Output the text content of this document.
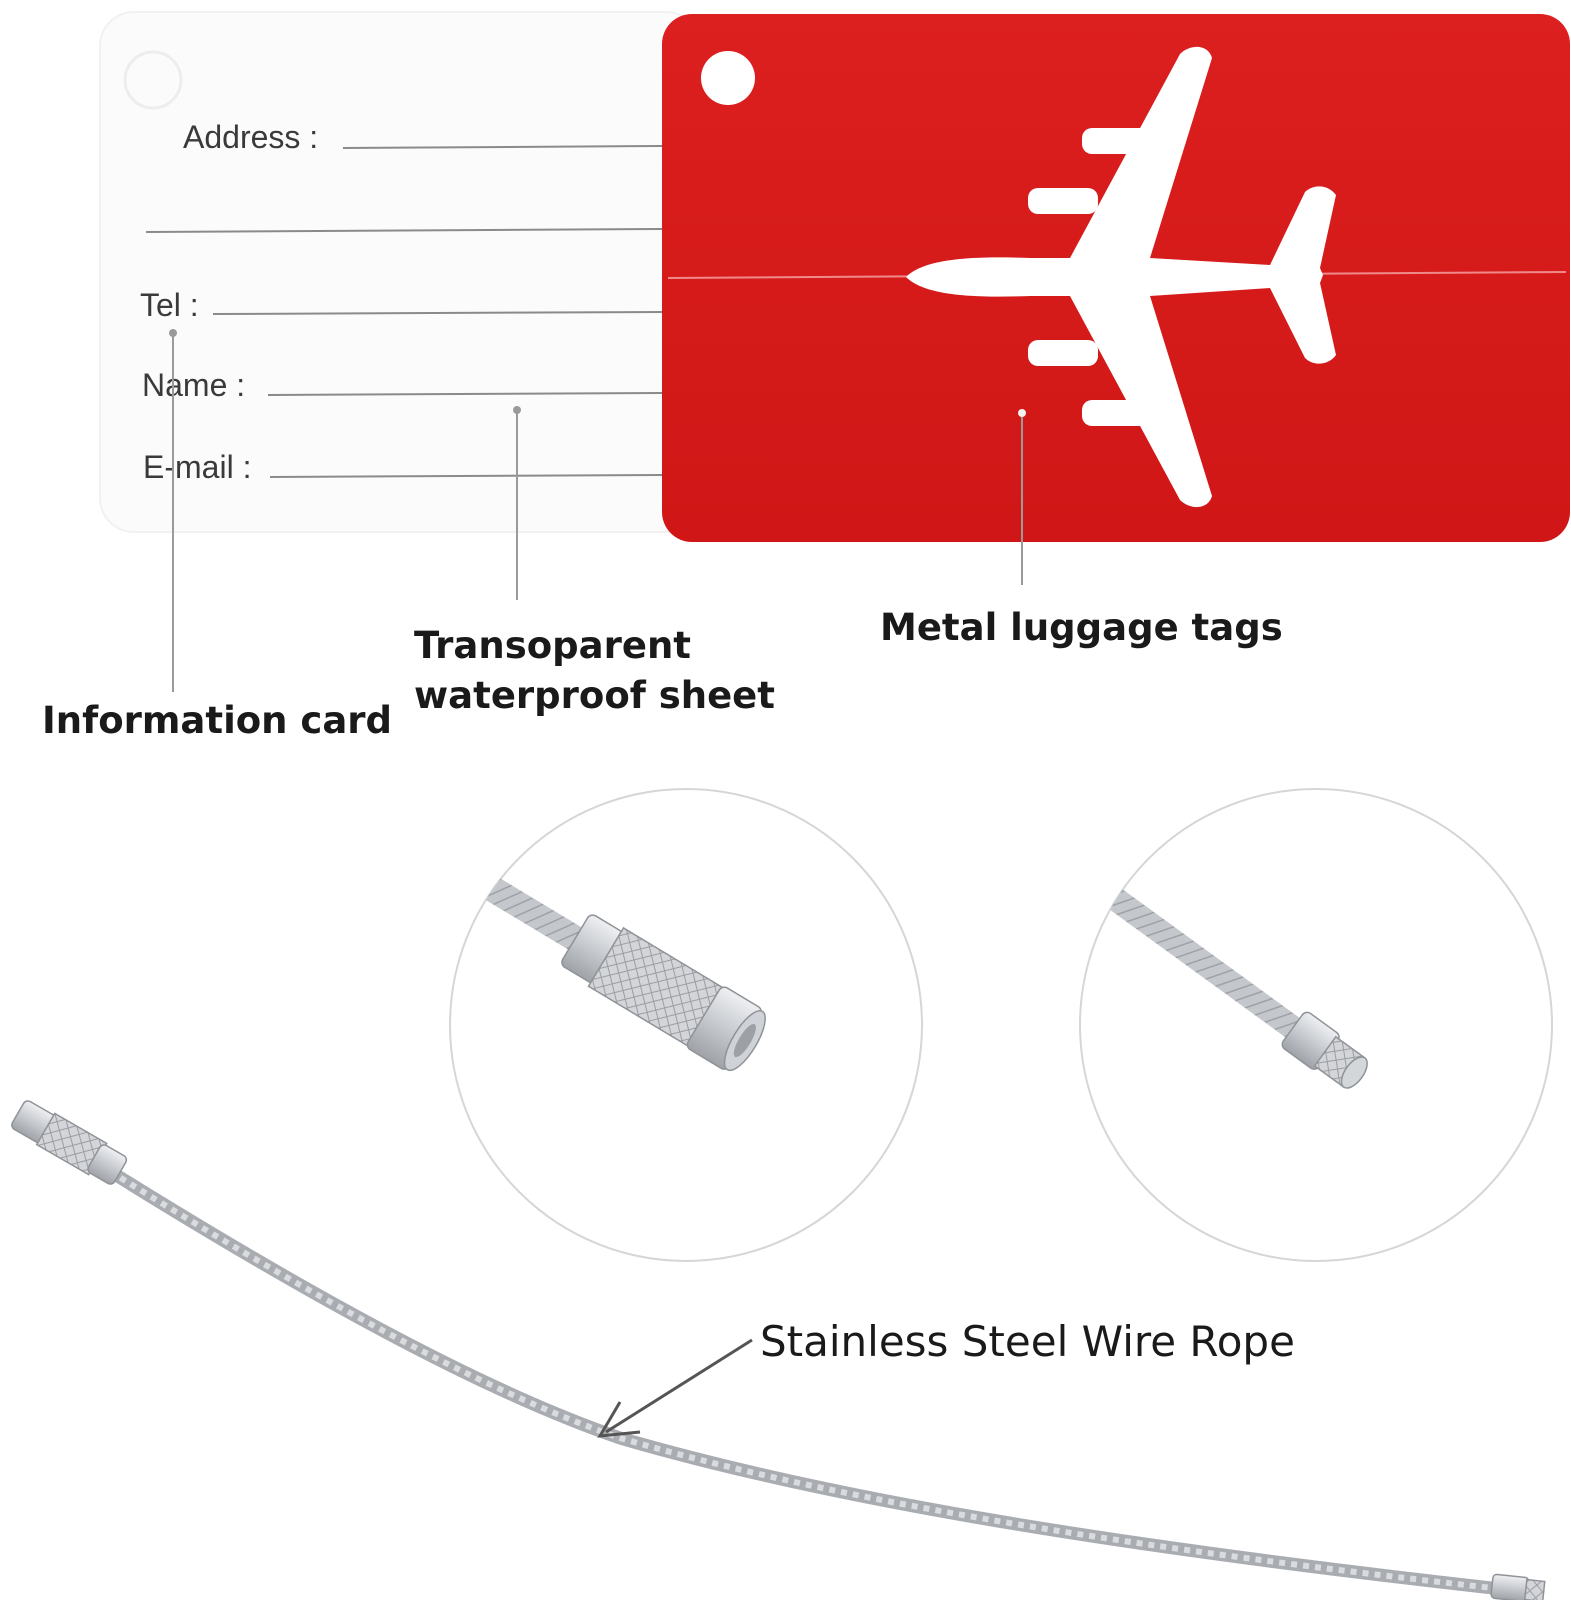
Address :
Tel :
Name :
E-mail :
Metal luggage tags
Transoparent
waterproof sheet
Information card
Stainless Steel Wire Rope
